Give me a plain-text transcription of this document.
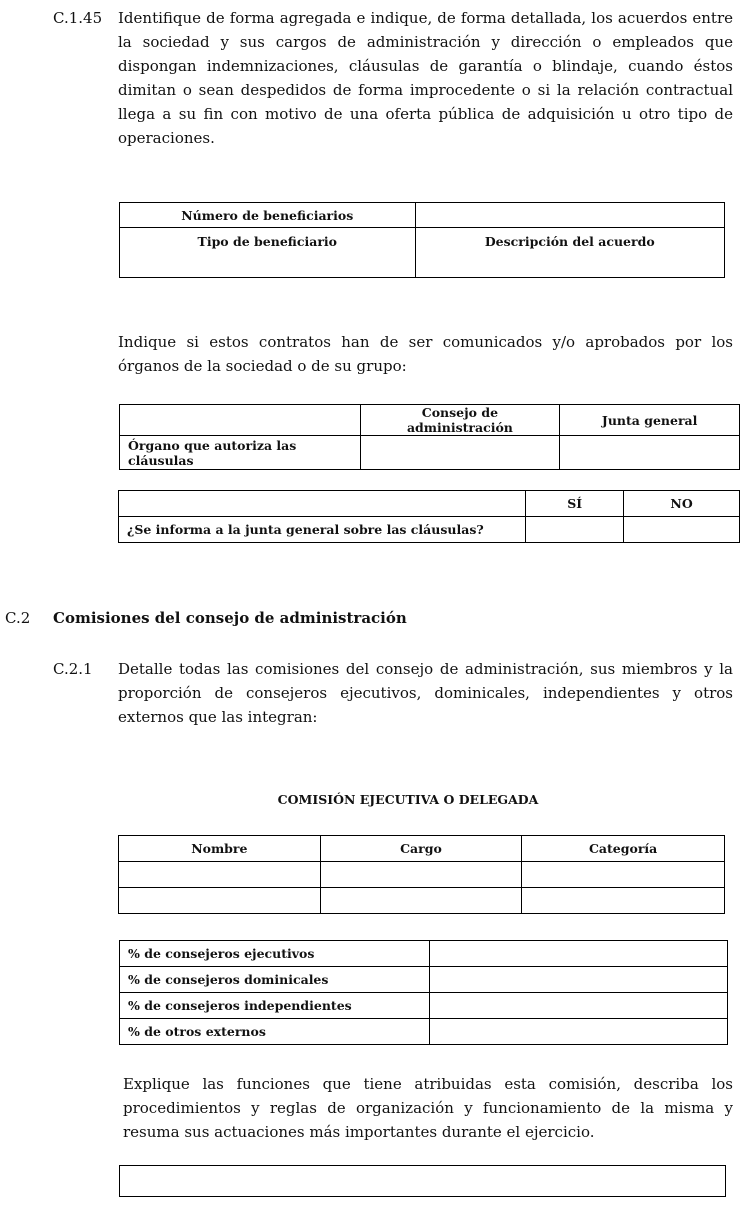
C.1.45 Identifique de forma agregada e indique, de forma detallada, los acuerdos entre la sociedad y sus cargos de administración y dirección o empleados que dispongan indemnizaciones, cláusulas de garantía o blindaje, cuando éstos dimitan o sean despedidos de forma improcedente o si la relación contractual llega a su fin con motivo de una oferta pública de adquisición u otro tipo de operaciones.
Número de beneficiarios	
Tipo de beneficiario	Descripción del acuerdo
Indique si estos contratos han de ser comunicados y/o aprobados por los órganos de la sociedad o de su grupo:
	Consejo de administración	Junta general
Órgano que autoriza las cláusulas		
	SÍ	NO
¿Se informa a la junta general sobre las cláusulas?		
C.2 Comisiones del consejo de administración
C.2.1 Detalle todas las comisiones del consejo de administración, sus miembros y la proporción de consejeros ejecutivos, dominicales, independientes y otros externos que las integran:
COMISIÓN EJECUTIVA O DELEGADA
Nombre	Cargo	Categoría

% de consejeros ejecutivos	
% de consejeros dominicales	
% de consejeros independientes	
% de otros externos	
Explique las funciones que tiene atribuidas esta comisión, describa los procedimientos y reglas de organización y funcionamiento de la misma y resuma sus actuaciones más importantes durante el ejercicio.
